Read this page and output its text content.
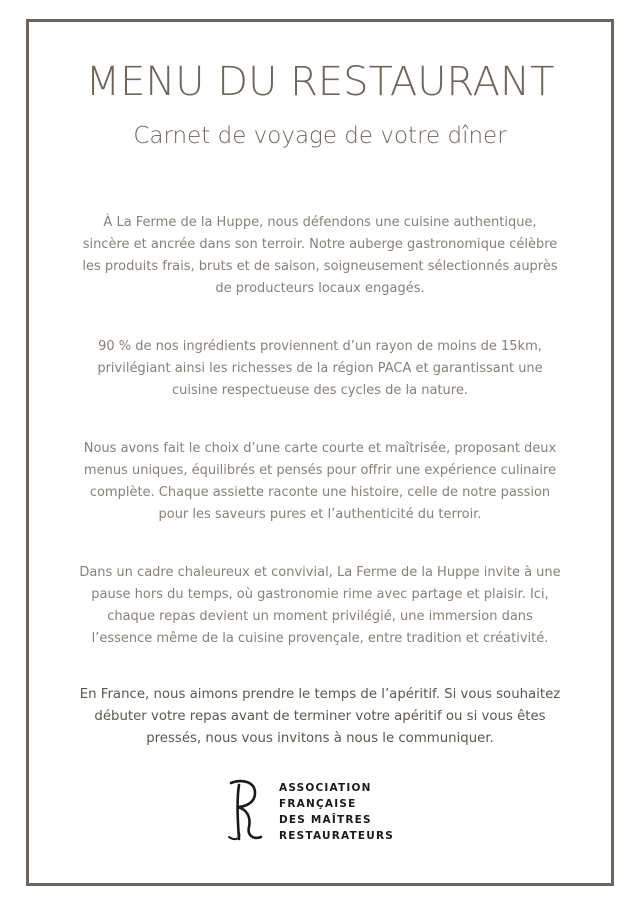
MENU DU RESTAURANT
Carnet de voyage de votre dîner

À La Ferme de la Huppe, nous défendons une cuisine authentique, sincère et ancrée dans son terroir. Notre auberge gastronomique célèbre les produits frais, bruts et de saison, soigneusement sélectionnés auprès de producteurs locaux engagés.

90 % de nos ingrédients proviennent d’un rayon de moins de 15km, privilégiant ainsi les richesses de la région PACA et garantissant une cuisine respectueuse des cycles de la nature.

Nous avons fait le choix d’une carte courte et maîtrisée, proposant deux menus uniques, équilibrés et pensés pour offrir une expérience culinaire complète. Chaque assiette raconte une histoire, celle de notre passion pour les saveurs pures et l’authenticité du terroir.

Dans un cadre chaleureux et convivial, La Ferme de la Huppe invite à une pause hors du temps, où gastronomie rime avec partage et plaisir. Ici, chaque repas devient un moment privilégié, une immersion dans l’essence même de la cuisine provençale, entre tradition et créativité.

En France, nous aimons prendre le temps de l’apéritif. Si vous souhaitez débuter votre repas avant de terminer votre apéritif ou si vous êtes pressés, nous vous invitons à nous le communiquer.

ASSOCIATION
FRANÇAISE
DES MAÎTRES
RESTAURATEURS
